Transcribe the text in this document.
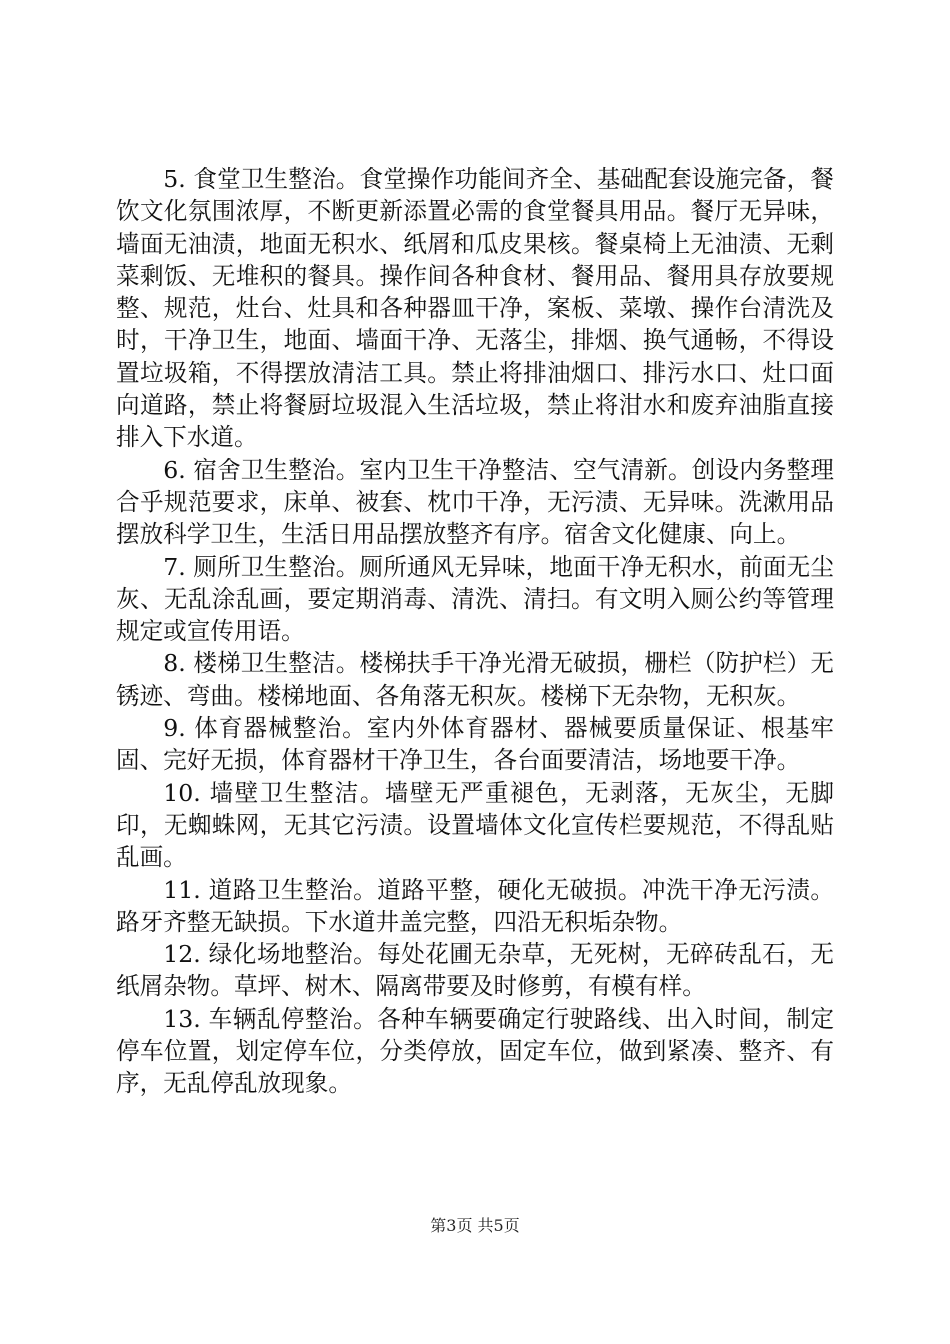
5. 食堂卫生整治。食堂操作功能间齐全、基础配套设施完备，餐饮文化氛围浓厚，不断更新添置必需的食堂餐具用品。餐厅无异味，墙面无油渍，地面无积水、纸屑和瓜皮果核。餐桌椅上无油渍、无剩菜剩饭、无堆积的餐具。操作间各种食材、餐用品、餐用具存放要规整、规范，灶台、灶具和各种器皿干净，案板、菜墩、操作台清洗及时，干净卫生，地面、墙面干净、无落尘，排烟、换气通畅，不得设置垃圾箱，不得摆放清洁工具。禁止将排油烟口、排污水口、灶口面向道路，禁止将餐厨垃圾混入生活垃圾，禁止将泔水和废弃油脂直接排入下水道。

6. 宿舍卫生整治。室内卫生干净整洁、空气清新。创设内务整理合乎规范要求，床单、被套、枕巾干净，无污渍、无异味。洗漱用品摆放科学卫生，生活日用品摆放整齐有序。宿舍文化健康、向上。

7. 厕所卫生整治。厕所通风无异味，地面干净无积水，前面无尘灰、无乱涂乱画，要定期消毒、清洗、清扫。有文明入厕公约等管理规定或宣传用语。

8. 楼梯卫生整洁。楼梯扶手干净光滑无破损，栅栏（防护栏）无锈迹、弯曲。楼梯地面、各角落无积灰。楼梯下无杂物，无积灰。

9. 体育器械整治。室内外体育器材、器械要质量保证、根基牢固、完好无损，体育器材干净卫生，各台面要清洁，场地要干净。

10. 墙壁卫生整洁。墙壁无严重褪色，无剥落，无灰尘，无脚印，无蜘蛛网，无其它污渍。设置墙体文化宣传栏要规范，不得乱贴乱画。

11. 道路卫生整治。道路平整，硬化无破损。冲洗干净无污渍。路牙齐整无缺损。下水道井盖完整，四沿无积垢杂物。

12. 绿化场地整治。每处花圃无杂草，无死树，无碎砖乱石，无纸屑杂物。草坪、树木、隔离带要及时修剪，有模有样。

13. 车辆乱停整治。各种车辆要确定行驶路线、出入时间，制定停车位置，划定停车位，分类停放，固定车位，做到紧凑、整齐、有序，无乱停乱放现象。

第3页 共5页
